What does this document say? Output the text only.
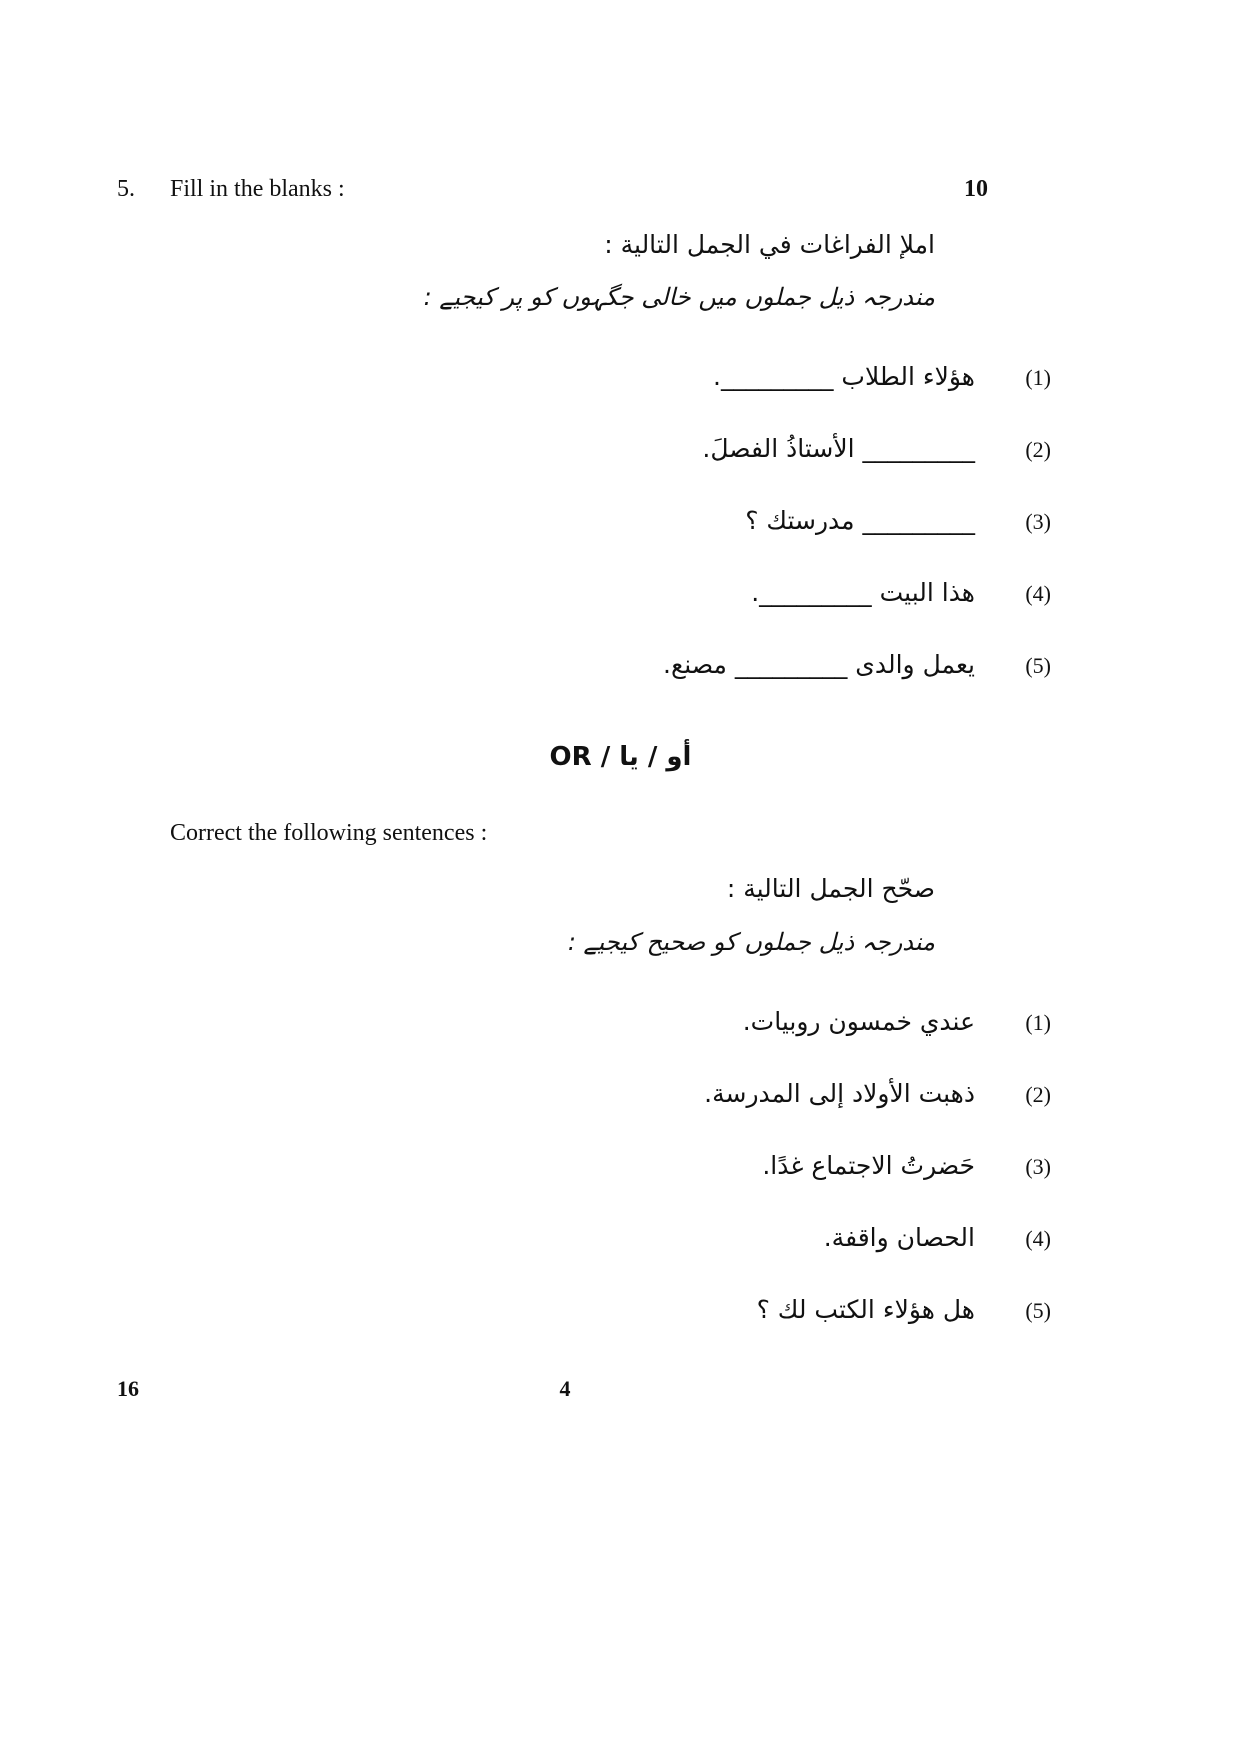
5. Fill in the blanks :	10
املإ الفراغات في الجمل التالية :
مندرجہ ذیل جملوں میں خالی جگہوں کو پر کیجیے :
(1)هؤلاء الطلاب _________.
(2)_________ الأستاذُ الفصلَ.
(3)_________ مدرستك ؟
(4)هذا البيت _________.
(5)يعمل والدى _________ مصنع.
OR / أو / یا
Correct the following sentences :
صحّح الجمل التالية :
مندرجہ ذیل جملوں کو صحیح کیجیے :
(1)عندي خمسون روبيات.
(2)ذهبت الأولاد إلى المدرسة.
(3)حَضرتُ الاجتماع غدًا.
(4)الحصان واقفة.
(5)هل هؤلاء الكتب لك ؟
16	4
